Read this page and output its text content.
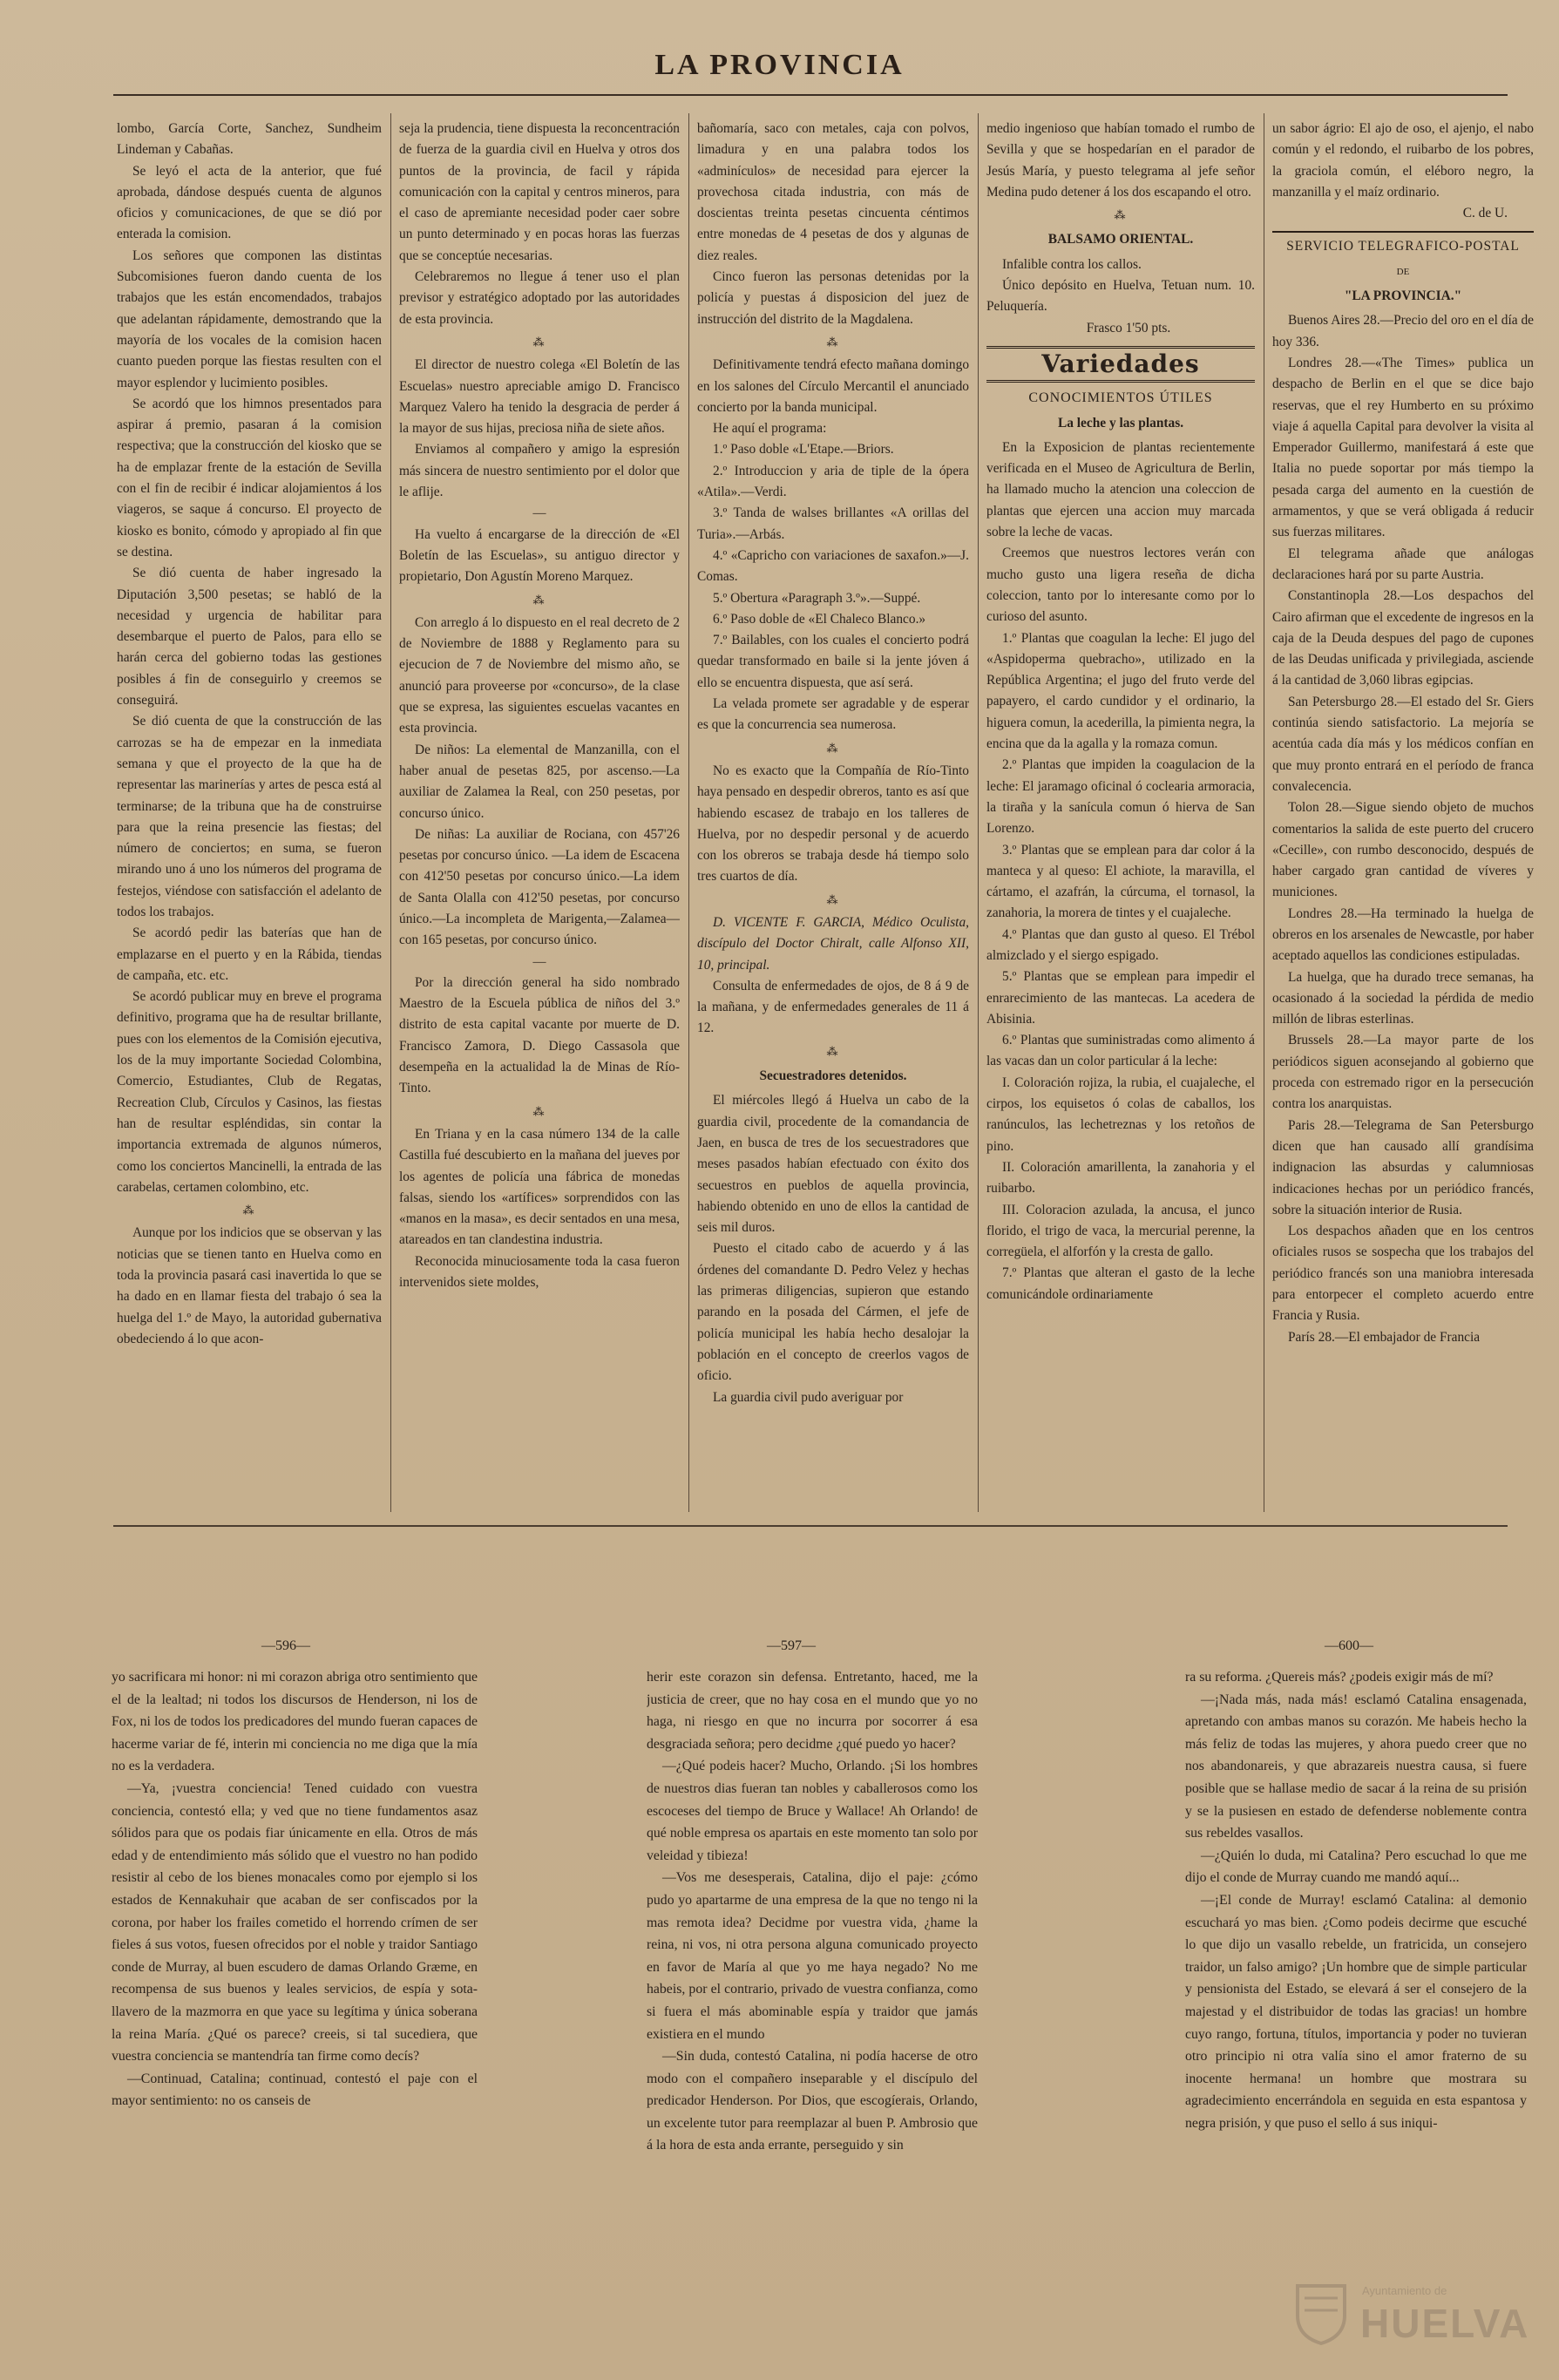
LA PROVINCIA

lombo, García Corte, Sanchez, Sundheim Lindeman y Cabañas.

Se leyó el acta de la anterior, que fué aprobada, dándose después cuenta de algunos oficios y comunicaciones, de que se dió por enterada la comision.

Los señores que componen las distintas Subcomisiones fueron dando cuenta de los trabajos que les están encomendados, trabajos que adelantan rápidamente, demostrando que la mayoría de los vocales de la comision hacen cuanto pueden porque las fiestas resulten con el mayor esplendor y lucimiento posibles.

Se acordó que los himnos presentados para aspirar á premio, pasaran á la comision respectiva; que la construcción del kiosko que se ha de emplazar frente de la estación de Sevilla con el fin de recibir é indicar alojamientos á los viageros, se saque á concurso. El proyecto de kiosko es bonito, cómodo y apropiado al fin que se destina.

Se dió cuenta de haber ingresado la Diputación 3,500 pesetas; se habló de la necesidad y urgencia de habilitar para desembarque el puerto de Palos, para ello se harán cerca del gobierno todas las gestiones posibles á fin de conseguirlo y creemos se conseguirá.

Se dió cuenta de que la construcción de las carrozas se ha de empezar en la inmediata semana y que el proyecto de la que ha de representar las marinerías y artes de pesca está al terminarse; de la tribuna que ha de construirse para que la reina presencie las fiestas; del número de conciertos; en suma, se fueron mirando uno á uno los números del programa de festejos, viéndose con satisfacción el adelanto de todos los trabajos.

Se acordó pedir las baterías que han de emplazarse en el puerto y en la Rábida, tiendas de campaña, etc. etc.

Se acordó publicar muy en breve el programa definitivo, programa que ha de resultar brillante, pues con los elementos de la Comisión ejecutiva, los de la muy importante Sociedad Colombina, Comercio, Estudiantes, Club de Regatas, Recreation Club, Círculos y Casinos, las fiestas han de resultar espléndidas, sin contar la importancia extremada de algunos números, como los conciertos Mancinelli, la entrada de las carabelas, certamen colombino, etc.

⁂

Aunque por los indicios que se observan y las noticias que se tienen tanto en Huelva como en toda la provincia pasará casi inavertida lo que se ha dado en en llamar fiesta del trabajo ó sea la huelga del 1.º de Mayo, la autoridad gubernativa obedeciendo á lo que acon-

seja la prudencia, tiene dispuesta la reconcentración de fuerza de la guardia civil en Huelva y otros dos puntos de la provincia, de facil y rápida comunicación con la capital y centros mineros, para el caso de apremiante necesidad poder caer sobre un punto determinado y en pocas horas las fuerzas que se conceptúe necesarias.

Celebraremos no llegue á tener uso el plan previsor y estratégico adoptado por las autoridades de esta provincia.

⁂

El director de nuestro colega «El Boletín de las Escuelas» nuestro apreciable amigo D. Francisco Marquez Valero ha tenido la desgracia de perder á la mayor de sus hijas, preciosa niña de siete años.

Enviamos al compañero y amigo la espresión más sincera de nuestro sentimiento por el dolor que le aflije.

—

Ha vuelto á encargarse de la dirección de «El Boletín de las Escuelas», su antiguo director y propietario, Don Agustín Moreno Marquez.

⁂

Con arreglo á lo dispuesto en el real decreto de 2 de Noviembre de 1888 y Reglamento para su ejecucion de 7 de Noviembre del mismo año, se anunció para proveerse por «concurso», de la clase que se expresa, las siguientes escuelas vacantes en esta provincia.

De niños: La elemental de Manzanilla, con el haber anual de pesetas 825, por ascenso.—La auxiliar de Zalamea la Real, con 250 pesetas, por concurso único.

De niñas: La auxiliar de Rociana, con 457'26 pesetas por concurso único. —La idem de Escacena con 412'50 pesetas por concurso único.—La idem de Santa Olalla con 412'50 pesetas, por concurso único.—La incompleta de Marigenta,—Zalamea—con 165 pesetas, por concurso único.

—

Por la dirección general ha sido nombrado Maestro de la Escuela pública de niños del 3.º distrito de esta capital vacante por muerte de D. Francisco Zamora, D. Diego Cassasola que desempeña en la actualidad la de Minas de Río-Tinto.

⁂

En Triana y en la casa número 134 de la calle Castilla fué descubierto en la mañana del jueves por los agentes de policía una fábrica de monedas falsas, siendo los «artífices» sorprendidos con las «manos en la masa», es decir sentados en una mesa, atareados en tan clandestina industria.

Reconocida minuciosamente toda la casa fueron intervenidos siete moldes,

bañomaría, saco con metales, caja con polvos, limadura y en una palabra todos los «adminículos» de necesidad para ejercer la provechosa citada industria, con más de doscientas treinta pesetas cincuenta céntimos entre monedas de 4 pesetas de dos y algunas de diez reales.

Cinco fueron las personas detenidas por la policía y puestas á disposicion del juez de instrucción del distrito de la Magdalena.

⁂

Definitivamente tendrá efecto mañana domingo en los salones del Círculo Mercantil el anunciado concierto por la banda municipal.

He aquí el programa:

1.º Paso doble «L'Etape.—Briors.

2.º Introduccion y aria de tiple de la ópera «Atila».—Verdi.

3.º Tanda de walses brillantes «A orillas del Turia».—Arbás.

4.º «Capricho con variaciones de saxafon.»—J. Comas.

5.º Obertura «Paragraph 3.º».—Suppé.

6.º Paso doble de «El Chaleco Blanco.»

7.º Bailables, con los cuales el concierto podrá quedar transformado en baile si la jente jóven á ello se encuentra dispuesta, que así será.

La velada promete ser agradable y de esperar es que la concurrencia sea numerosa.

⁂

No es exacto que la Compañía de Río-Tinto haya pensado en despedir obreros, tanto es así que habiendo escasez de trabajo en los talleres de Huelva, por no despedir personal y de acuerdo con los obreros se trabaja desde há tiempo solo tres cuartos de día.

⁂

D. VICENTE F. GARCIA, Médico Oculista, discípulo del Doctor Chiralt, calle Alfonso XII, 10, principal.

Consulta de enfermedades de ojos, de 8 á 9 de la mañana, y de enfermedades generales de 11 á 12.

⁂

Secuestradores detenidos.

El miércoles llegó á Huelva un cabo de la guardia civil, procedente de la comandancia de Jaen, en busca de tres de los secuestradores que meses pasados habían efectuado con éxito dos secuestros en pueblos de aquella provincia, habiendo obtenido en uno de ellos la cantidad de seis mil duros.

Puesto el citado cabo de acuerdo y á las órdenes del comandante D. Pedro Velez y hechas las primeras diligencias, supieron que estando parando en la posada del Cármen, el jefe de policía municipal les había hecho desalojar la población en el concepto de creerlos vagos de oficio.

La guardia civil pudo averiguar por

medio ingenioso que habían tomado el rumbo de Sevilla y que se hospedarían en el parador de Jesús María, y puesto telegrama al jefe señor Medina pudo detener á los dos escapando el otro.

⁂

BALSAMO ORIENTAL.

Infalible contra los callos.

Único depósito en Huelva, Tetuan num. 10. Peluquería.

Frasco 1'50 pts.

Variedades
CONOCIMIENTOS ÚTILES

La leche y las plantas.

En la Exposicion de plantas recientemente verificada en el Museo de Agricultura de Berlin, ha llamado mucho la atencion una coleccion de plantas que ejercen una accion muy marcada sobre la leche de vacas.

Creemos que nuestros lectores verán con mucho gusto una ligera reseña de dicha coleccion, tanto por lo interesante como por lo curioso del asunto.

1.º Plantas que coagulan la leche: El jugo del «Aspidoperma quebracho», utilizado en la República Argentina; el jugo del fruto verde del papayero, el cardo cundidor y el ordinario, la higuera comun, la acederilla, la pimienta negra, la encina que da la agalla y la romaza comun.

2.º Plantas que impiden la coagulacion de la leche: El jaramago oficinal ó coclearia armoracia, la tiraña y la sanícula comun ó hierva de San Lorenzo.

3.º Plantas que se emplean para dar color á la manteca y al queso: El achiote, la maravilla, el cártamo, el azafrán, la cúrcuma, el tornasol, la zanahoria, la morera de tintes y el cuajaleche.

4.º Plantas que dan gusto al queso. El Trébol almizclado y el siergo espigado.

5.º Plantas que se emplean para impedir el enrarecimiento de las mantecas. La acedera de Abisinia.

6.º Plantas que suministradas como alimento á las vacas dan un color particular á la leche:

I. Coloración rojiza, la rubia, el cuajaleche, el cirpos, los equisetos ó colas de caballos, los ranúnculos, las lechetreznas y los retoños de pino.

II. Coloración amarillenta, la zanahoria y el ruibarbo.

III. Coloracion azulada, la ancusa, el junco florido, el trigo de vaca, la mercurial perenne, la corregüela, el alforfón y la cresta de gallo.

7.º Plantas que alteran el gasto de la leche comunicándole ordinariamente

un sabor ágrio: El ajo de oso, el ajenjo, el nabo común y el redondo, el ruibarbo de los pobres, la graciola común, el eléboro negro, la manzanilla y el maíz ordinario.

C. de U.

SERVICIO TELEGRAFICO-POSTAL

DE

"LA PROVINCIA."

Buenos Aires 28.—Precio del oro en el día de hoy 336.

Londres 28.—«The Times» publica un despacho de Berlin en el que se dice bajo reservas, que el rey Humberto en su próximo viaje á aquella Capital para devolver la visita al Emperador Guillermo, manifestará á este que Italia no puede soportar por más tiempo la pesada carga del aumento en la cuestión de armamentos, y que se verá obligada á reducir sus fuerzas militares.

El telegrama añade que análogas declaraciones hará por su parte Austria.

Constantinopla 28.—Los despachos del Cairo afirman que el excedente de ingresos en la caja de la Deuda despues del pago de cupones de las Deudas unificada y privilegiada, asciende á la cantidad de 3,060 libras egipcias.

San Petersburgo 28.—El estado del Sr. Giers continúa siendo satisfactorio. La mejoría se acentúa cada día más y los médicos confían en que muy pronto entrará en el período de franca convalecencia.

Tolon 28.—Sigue siendo objeto de muchos comentarios la salida de este puerto del crucero «Cecille», con rumbo desconocido, después de haber cargado gran cantidad de víveres y municiones.

Londres 28.—Ha terminado la huelga de obreros en los arsenales de Newcastle, por haber aceptado aquellos las condiciones estipuladas.

La huelga, que ha durado trece semanas, ha ocasionado á la sociedad la pérdida de medio millón de libras esterlinas.

Brussels 28.—La mayor parte de los periódicos siguen aconsejando al gobierno que proceda con estremado rigor en la persecución contra los anarquistas.

Paris 28.—Telegrama de San Petersburgo dicen que han causado allí grandísima indignacion las absurdas y calumniosas indicaciones hechas por un periódico francés, sobre la situación interior de Rusia.

Los despachos añaden que en los centros oficiales rusos se sospecha que los trabajos del periódico francés son una maniobra interesada para entorpecer el completo acuerdo entre Francia y Rusia.

París 28.—El embajador de Francia

—596—	—597—	—600—

yo sacrificara mi honor: ni mi corazon abriga otro sentimiento que el de la lealtad; ni todos los discursos de Henderson, ni los de Fox, ni los de todos los predicadores del mundo fueran capaces de hacerme variar de fé, interin mi conciencia no me diga que la mía no es la verdadera.

—Ya, ¡vuestra conciencia! Tened cuidado con vuestra conciencia, contestó ella; y ved que no tiene fundamentos asaz sólidos para que os podais fiar únicamente en ella. Otros de más edad y de entendimiento más sólido que el vuestro no han podido resistir al cebo de los bienes monacales como por ejemplo si los estados de Kennakuhair que acaban de ser confiscados por la corona, por haber los frailes cometido el horrendo crímen de ser fieles á sus votos, fuesen ofrecidos por el noble y traidor Santiago conde de Murray, al buen escudero de damas Orlando Græme, en recompensa de sus buenos y leales servicios, de espía y sota-llavero de la mazmorra en que yace su legítima y única soberana la reina María. ¿Qué os parece? creeis, si tal sucediera, que vuestra conciencia se mantendría tan firme como decís?

—Continuad, Catalina; continuad, contestó el paje con el mayor sentimiento: no os canseis de

herir este corazon sin defensa. Entretanto, haced, me la justicia de creer, que no hay cosa en el mundo que yo no haga, ni riesgo en que no incurra por socorrer á esa desgraciada señora; pero decidme ¿qué puedo yo hacer?

—¿Qué podeis hacer? Mucho, Orlando. ¡Si los hombres de nuestros dias fueran tan nobles y caballerosos como los escoceses del tiempo de Bruce y Wallace! Ah Orlando! de qué noble empresa os apartais en este momento tan solo por veleidad y tibieza!

—Vos me desesperais, Catalina, dijo el paje: ¿cómo pudo yo apartarme de una empresa de la que no tengo ni la mas remota idea? Decidme por vuestra vida, ¿hame la reina, ni vos, ni otra persona alguna comunicado proyecto en favor de María al que yo me haya negado? No me habeis, por el contrario, privado de vuestra confianza, como si fuera el más abominable espía y traidor que jamás existiera en el mundo

—Sin duda, contestó Catalina, ni podía hacerse de otro modo con el compañero inseparable y el discípulo del predicador Henderson. Por Dios, que escogíerais, Orlando, un excelente tutor para reemplazar al buen P. Ambrosio que á la hora de esta anda errante, perseguido y sin

ra su reforma. ¿Quereis más? ¿podeis exigir más de mí?

—¡Nada más, nada más! esclamó Catalina ensagenada, apretando con ambas manos su corazón. Me habeis hecho la más feliz de todas las mujeres, y ahora puedo creer que no nos abandonareis, y que abrazareis nuestra causa, si fuere posible que se hallase medio de sacar á la reina de su prisión y se la pusiesen en estado de defenderse noblemente contra sus rebeldes vasallos.

—¿Quién lo duda, mi Catalina? Pero escuchad lo que me dijo el conde de Murray cuando me mandó aquí...

—¡El conde de Murray! esclamó Catalina: al demonio escuchará yo mas bien. ¿Como podeis decirme que escuché lo que dijo un vasallo rebelde, un fratricida, un consejero traidor, un falso amigo? ¡Un hombre que de simple particular y pensionista del Estado, se elevará á ser el consejero de la majestad y el distribuidor de todas las gracias! un hombre cuyo rango, fortuna, títulos, importancia y poder no tuvieran otro principio ni otra valía sino el amor fraterno de su inocente hermana! un hombre que mostrara su agradecimiento encerrándola en seguida en esta espantosa y negra prisión, y que puso el sello á sus iniqui-

Ayuntamiento de
HUELVA
